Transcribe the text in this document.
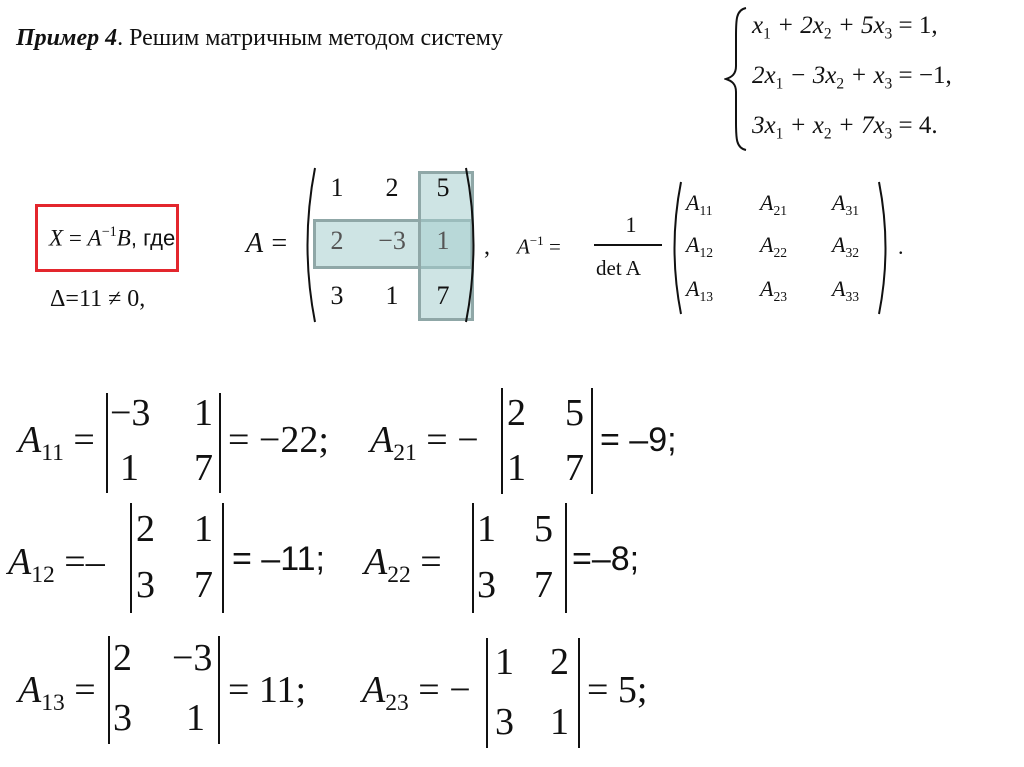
Пример 4. Решим матричным методом систему	$x_1 + 2x_2 + 5x_3 = 1$,
$2x_1 - 3x_2 + x_3 = -1$,
$3x_1 + x_2 + 7x_3 = 4$.
$X = A^{-1}B$, где
Δ=11 ≠ 0,
A =
1	2	5
2	−3	1
3	1	7
, $A^{-1}$ =
1
det A
$A_{11}$ $A_{21}$ $A_{31}$
$A_{12}$ $A_{22}$ $A_{32}$
$A_{13}$ $A_{23}$ $A_{33}$
.
$A_{11}$ =
−3 1
1 7
= −22; $A_{21}$ = −
2 5
1 7
= –9;
$A_{12}$ =–
2 1
3 7
= –11; $A_{22}$ =
1 5
3 7
=–8;
$A_{13}$ =
2 −3
3 1
= 11; $A_{23}$ = −
1 2
3 1
= 5;
